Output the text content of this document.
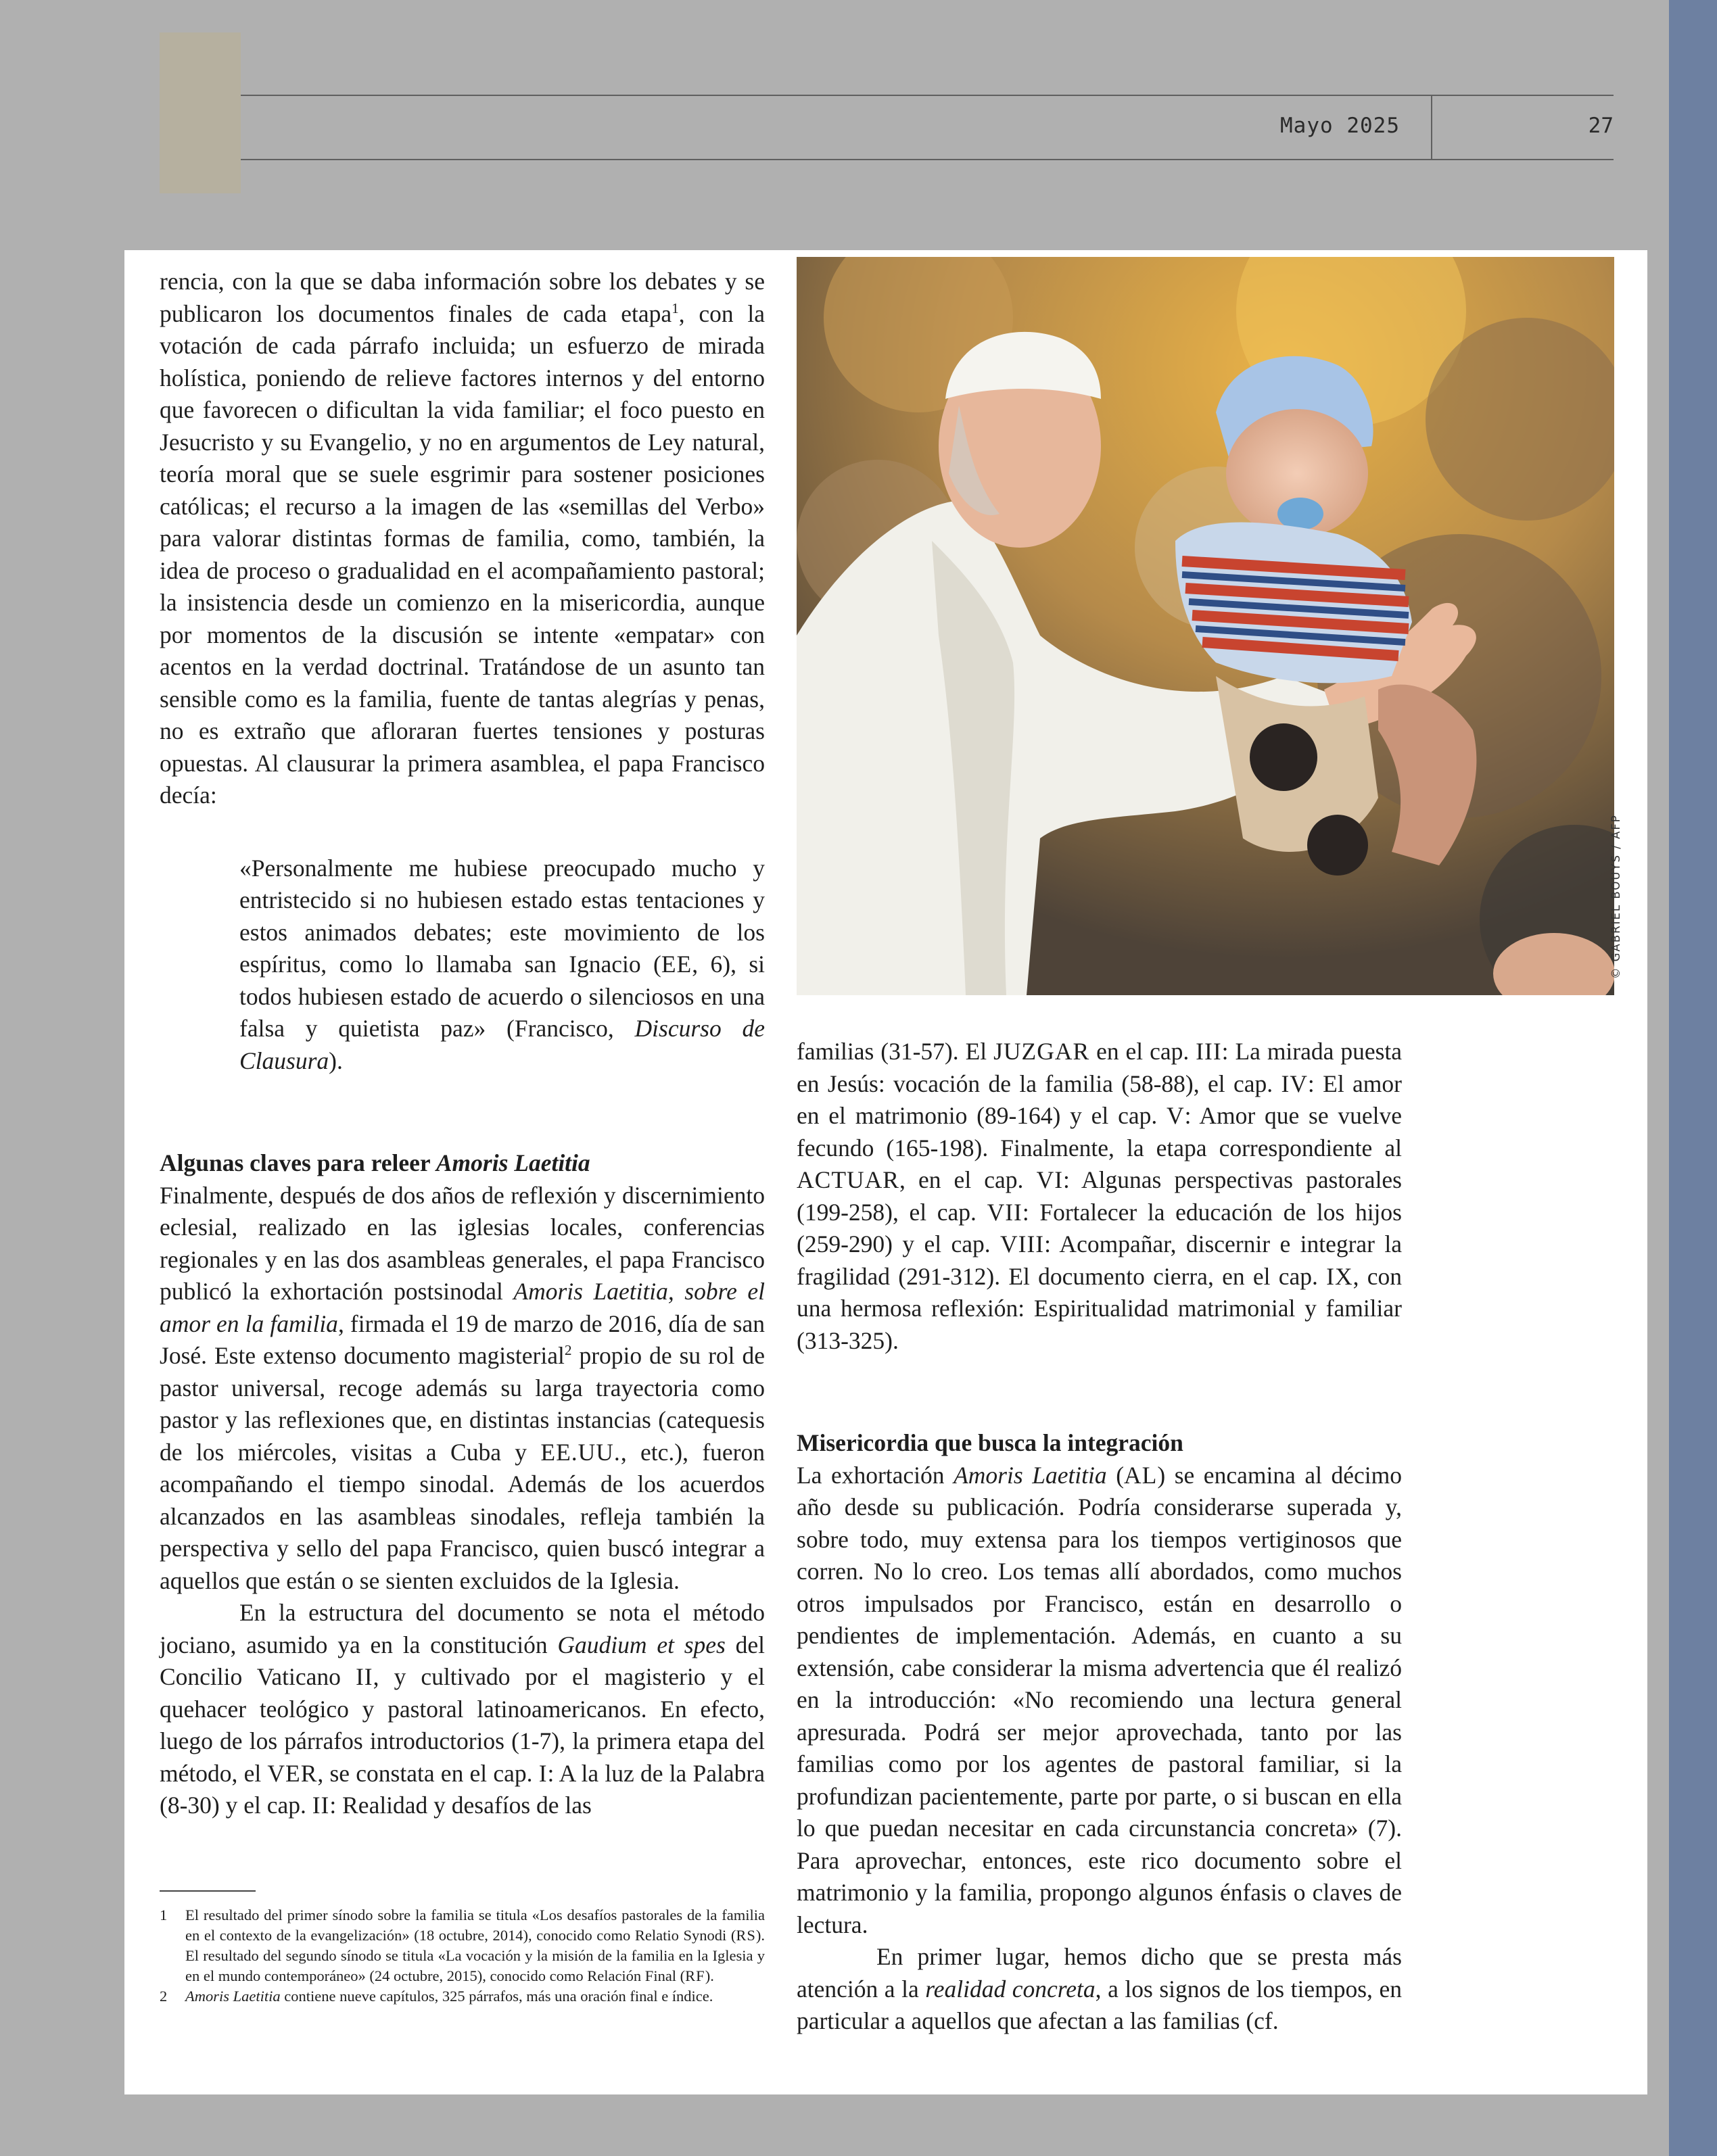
Mayo 2025	27

rencia, con la que se daba información sobre los debates y se publicaron los documentos finales de cada etapa$^1$, con la votación de cada párrafo incluida; un esfuerzo de mirada holística, poniendo de relieve factores internos y del entorno que favorecen o dificultan la vida familiar; el foco puesto en Jesucristo y su Evangelio, y no en argumentos de Ley natural, teoría moral que se suele esgrimir para sostener posiciones católicas; el recurso a la imagen de las «semillas del Verbo» para valorar distintas formas de familia, como, también, la idea de proceso o gradualidad en el acompañamiento pastoral; la insistencia desde un comienzo en la misericordia, aunque por momentos de la discusión se intente «empatar» con acentos en la verdad doctrinal. Tratándose de un asunto tan sensible como es la familia, fuente de tantas alegrías y penas, no es extraño que afloraran fuertes tensiones y posturas opuestas. Al clausurar la primera asamblea, el papa Francisco decía:

«Personalmente me hubiese preocupado mucho y entristecido si no hubiesen estado estas tentaciones y estos animados debates; este movimiento de los espíritus, como lo llamaba san Ignacio (EE, 6), si todos hubiesen estado de acuerdo o silenciosos en una falsa y quietista paz» (Francisco, Discurso de Clausura).

Algunas claves para releer Amoris Laetitia

Finalmente, después de dos años de reflexión y discernimiento eclesial, realizado en las iglesias locales, conferencias regionales y en las dos asambleas generales, el papa Francisco publicó la exhortación postsinodal Amoris Laetitia, sobre el amor en la familia, firmada el 19 de marzo de 2016, día de san José. Este extenso documento magisterial$^2$ propio de su rol de pastor universal, recoge además su larga trayectoria como pastor y las reflexiones que, en distintas instancias (catequesis de los miércoles, visitas a Cuba y EE.UU., etc.), fueron acompañando el tiempo sinodal. Además de los acuerdos alcanzados en las asambleas sinodales, refleja también la perspectiva y sello del papa Francisco, quien buscó integrar a aquellos que están o se sienten excluidos de la Iglesia.

En la estructura del documento se nota el método jociano, asumido ya en la constitución Gaudium et spes del Concilio Vaticano II, y cultivado por el magisterio y el quehacer teológico y pastoral latinoamericanos. En efecto, luego de los párrafos introductorios (1-7), la primera etapa del método, el VER, se constata en el cap. I: A la luz de la Palabra (8-30) y el cap. II: Realidad y desafíos de las

© GABRIEL BOUYS / AFP

familias (31-57). El JUZGAR en el cap. III: La mirada puesta en Jesús: vocación de la familia (58-88), el cap. IV: El amor en el matrimonio (89-164) y el cap. V: Amor que se vuelve fecundo (165-198). Finalmente, la etapa correspondiente al ACTUAR, en el cap. VI: Algunas perspectivas pastorales (199-258), el cap. VII: Fortalecer la educación de los hijos (259-290) y el cap. VIII: Acompañar, discernir e integrar la fragilidad (291-312). El documento cierra, en el cap. IX, con una hermosa reflexión: Espiritualidad matrimonial y familiar (313-325).

Misericordia que busca la integración

La exhortación Amoris Laetitia (AL) se encamina al décimo año desde su publicación. Podría considerarse superada y, sobre todo, muy extensa para los tiempos vertiginosos que corren. No lo creo. Los temas allí abordados, como muchos otros impulsados por Francisco, están en desarrollo o pendientes de implementación. Además, en cuanto a su extensión, cabe considerar la misma advertencia que él realizó en la introducción: «No recomiendo una lectura general apresurada. Podrá ser mejor aprovechada, tanto por las familias como por los agentes de pastoral familiar, si la profundizan pacientemente, parte por parte, o si buscan en ella lo que puedan necesitar en cada circunstancia concreta» (7). Para aprovechar, entonces, este rico documento sobre el matrimonio y la familia, propongo algunos énfasis o claves de lectura.

En primer lugar, hemos dicho que se presta más atención a la realidad concreta, a los signos de los tiempos, en particular a aquellos que afectan a las familias (cf.

1	El resultado del primer sínodo sobre la familia se titula «Los desafíos pastorales de la familia en el contexto de la evangelización» (18 octubre, 2014), conocido como Relatio Synodi (RS). El resultado del segundo sínodo se titula «La vocación y la misión de la familia en la Iglesia y en el mundo contemporáneo» (24 octubre, 2015), conocido como Relación Final (RF).

2	Amoris Laetitia contiene nueve capítulos, 325 párrafos, más una oración final e índice.
